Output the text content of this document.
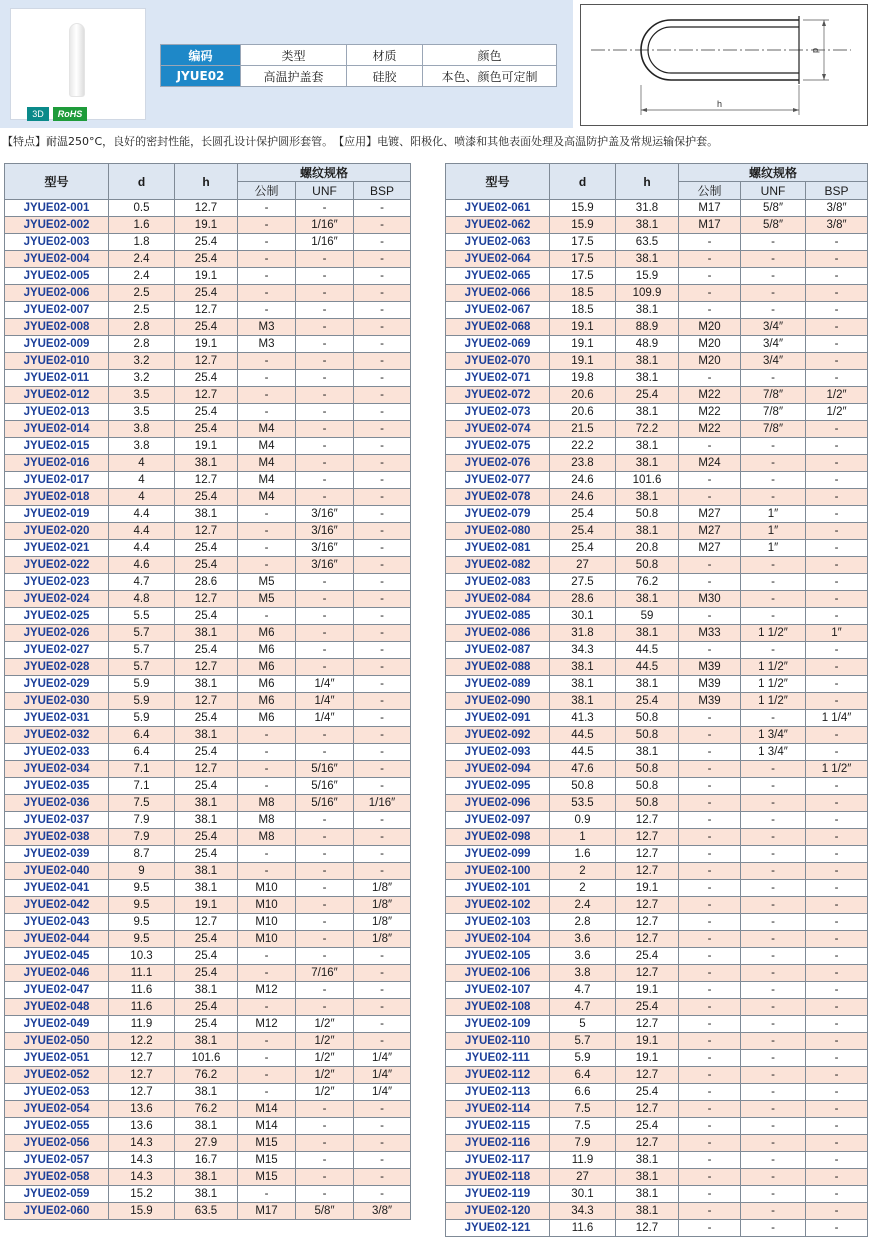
3D	RoHS
编码	类型	材质	颜色
JYUE02	高温护盖套	硅胶	本色、颜色可定制
d
h
【特点】耐温250°C，良好的密封性能，长圆孔设计保护圆形套管。　【应用】电镀、阳极化、喷漆和其他表面处理及高温防护盖及常规运输保护套。
型号	d	h	螺纹规格		
			公制	UNF	BSP
JYUE02-001	0.5	12.7	-	-	-
JYUE02-002	1.6	19.1	-	1/16″	-
JYUE02-003	1.8	25.4	-	1/16″	-
JYUE02-004	2.4	25.4	-	-	-
JYUE02-005	2.4	19.1	-	-	-
JYUE02-006	2.5	25.4	-	-	-
JYUE02-007	2.5	12.7	-	-	-
JYUE02-008	2.8	25.4	M3	-	-
JYUE02-009	2.8	19.1	M3	-	-
JYUE02-010	3.2	12.7	-	-	-
JYUE02-011	3.2	25.4	-	-	-
JYUE02-012	3.5	12.7	-	-	-
JYUE02-013	3.5	25.4	-	-	-
JYUE02-014	3.8	25.4	M4	-	-
JYUE02-015	3.8	19.1	M4	-	-
JYUE02-016	4	38.1	M4	-	-
JYUE02-017	4	12.7	M4	-	-
JYUE02-018	4	25.4	M4	-	-
JYUE02-019	4.4	38.1	-	3/16″	-
JYUE02-020	4.4	12.7	-	3/16″	-
JYUE02-021	4.4	25.4	-	3/16″	-
JYUE02-022	4.6	25.4	-	3/16″	-
JYUE02-023	4.7	28.6	M5	-	-
JYUE02-024	4.8	12.7	M5	-	-
JYUE02-025	5.5	25.4	-	-	-
JYUE02-026	5.7	38.1	M6	-	-
JYUE02-027	5.7	25.4	M6	-	-
JYUE02-028	5.7	12.7	M6	-	-
JYUE02-029	5.9	38.1	M6	1/4″	-
JYUE02-030	5.9	12.7	M6	1/4″	-
JYUE02-031	5.9	25.4	M6	1/4″	-
JYUE02-032	6.4	38.1	-	-	-
JYUE02-033	6.4	25.4	-	-	-
JYUE02-034	7.1	12.7	-	5/16″	-
JYUE02-035	7.1	25.4	-	5/16″	-
JYUE02-036	7.5	38.1	M8	5/16″	1/16″
JYUE02-037	7.9	38.1	M8	-	-
JYUE02-038	7.9	25.4	M8	-	-
JYUE02-039	8.7	25.4	-	-	-
JYUE02-040	9	38.1	-	-	-
JYUE02-041	9.5	38.1	M10	-	1/8″
JYUE02-042	9.5	19.1	M10	-	1/8″
JYUE02-043	9.5	12.7	M10	-	1/8″
JYUE02-044	9.5	25.4	M10	-	1/8″
JYUE02-045	10.3	25.4	-	-	-
JYUE02-046	11.1	25.4	-	7/16″	-
JYUE02-047	11.6	38.1	M12	-	-
JYUE02-048	11.6	25.4	-	-	-
JYUE02-049	11.9	25.4	M12	1/2″	-
JYUE02-050	12.2	38.1	-	1/2″	-
JYUE02-051	12.7	101.6	-	1/2″	1/4″
JYUE02-052	12.7	76.2	-	1/2″	1/4″
JYUE02-053	12.7	38.1	-	1/2″	1/4″
JYUE02-054	13.6	76.2	M14	-	-
JYUE02-055	13.6	38.1	M14	-	-
JYUE02-056	14.3	27.9	M15	-	-
JYUE02-057	14.3	16.7	M15	-	-
JYUE02-058	14.3	38.1	M15	-	-
JYUE02-059	15.2	38.1	-	-	-
JYUE02-060	15.9	63.5	M17	5/8″	3/8″
型号	d	h	螺纹规格		
			公制	UNF	BSP
JYUE02-061	15.9	31.8	M17	5/8″	3/8″
JYUE02-062	15.9	38.1	M17	5/8″	3/8″
JYUE02-063	17.5	63.5	-	-	-
JYUE02-064	17.5	38.1	-	-	-
JYUE02-065	17.5	15.9	-	-	-
JYUE02-066	18.5	109.9	-	-	-
JYUE02-067	18.5	38.1	-	-	-
JYUE02-068	19.1	88.9	M20	3/4″	-
JYUE02-069	19.1	48.9	M20	3/4″	-
JYUE02-070	19.1	38.1	M20	3/4″	-
JYUE02-071	19.8	38.1	-	-	-
JYUE02-072	20.6	25.4	M22	7/8″	1/2″
JYUE02-073	20.6	38.1	M22	7/8″	1/2″
JYUE02-074	21.5	72.2	M22	7/8″	-
JYUE02-075	22.2	38.1	-	-	-
JYUE02-076	23.8	38.1	M24	-	-
JYUE02-077	24.6	101.6	-	-	-
JYUE02-078	24.6	38.1	-	-	-
JYUE02-079	25.4	50.8	M27	1″	-
JYUE02-080	25.4	38.1	M27	1″	-
JYUE02-081	25.4	20.8	M27	1″	-
JYUE02-082	27	50.8	-	-	-
JYUE02-083	27.5	76.2	-	-	-
JYUE02-084	28.6	38.1	M30	-	-
JYUE02-085	30.1	59	-	-	-
JYUE02-086	31.8	38.1	M33	1 1/2″	1″
JYUE02-087	34.3	44.5	-	-	-
JYUE02-088	38.1	44.5	M39	1 1/2″	-
JYUE02-089	38.1	38.1	M39	1 1/2″	-
JYUE02-090	38.1	25.4	M39	1 1/2″	-
JYUE02-091	41.3	50.8	-	-	1 1/4″
JYUE02-092	44.5	50.8	-	1 3/4″	-
JYUE02-093	44.5	38.1	-	1 3/4″	-
JYUE02-094	47.6	50.8	-	-	1 1/2″
JYUE02-095	50.8	50.8	-	-	-
JYUE02-096	53.5	50.8	-	-	-
JYUE02-097	0.9	12.7	-	-	-
JYUE02-098	1	12.7	-	-	-
JYUE02-099	1.6	12.7	-	-	-
JYUE02-100	2	12.7	-	-	-
JYUE02-101	2	19.1	-	-	-
JYUE02-102	2.4	12.7	-	-	-
JYUE02-103	2.8	12.7	-	-	-
JYUE02-104	3.6	12.7	-	-	-
JYUE02-105	3.6	25.4	-	-	-
JYUE02-106	3.8	12.7	-	-	-
JYUE02-107	4.7	19.1	-	-	-
JYUE02-108	4.7	25.4	-	-	-
JYUE02-109	5	12.7	-	-	-
JYUE02-110	5.7	19.1	-	-	-
JYUE02-111	5.9	19.1	-	-	-
JYUE02-112	6.4	12.7	-	-	-
JYUE02-113	6.6	25.4	-	-	-
JYUE02-114	7.5	12.7	-	-	-
JYUE02-115	7.5	25.4	-	-	-
JYUE02-116	7.9	12.7	-	-	-
JYUE02-117	11.9	38.1	-	-	-
JYUE02-118	27	38.1	-	-	-
JYUE02-119	30.1	38.1	-	-	-
JYUE02-120	34.3	38.1	-	-	-
JYUE02-121	11.6	12.7	-	-	-
